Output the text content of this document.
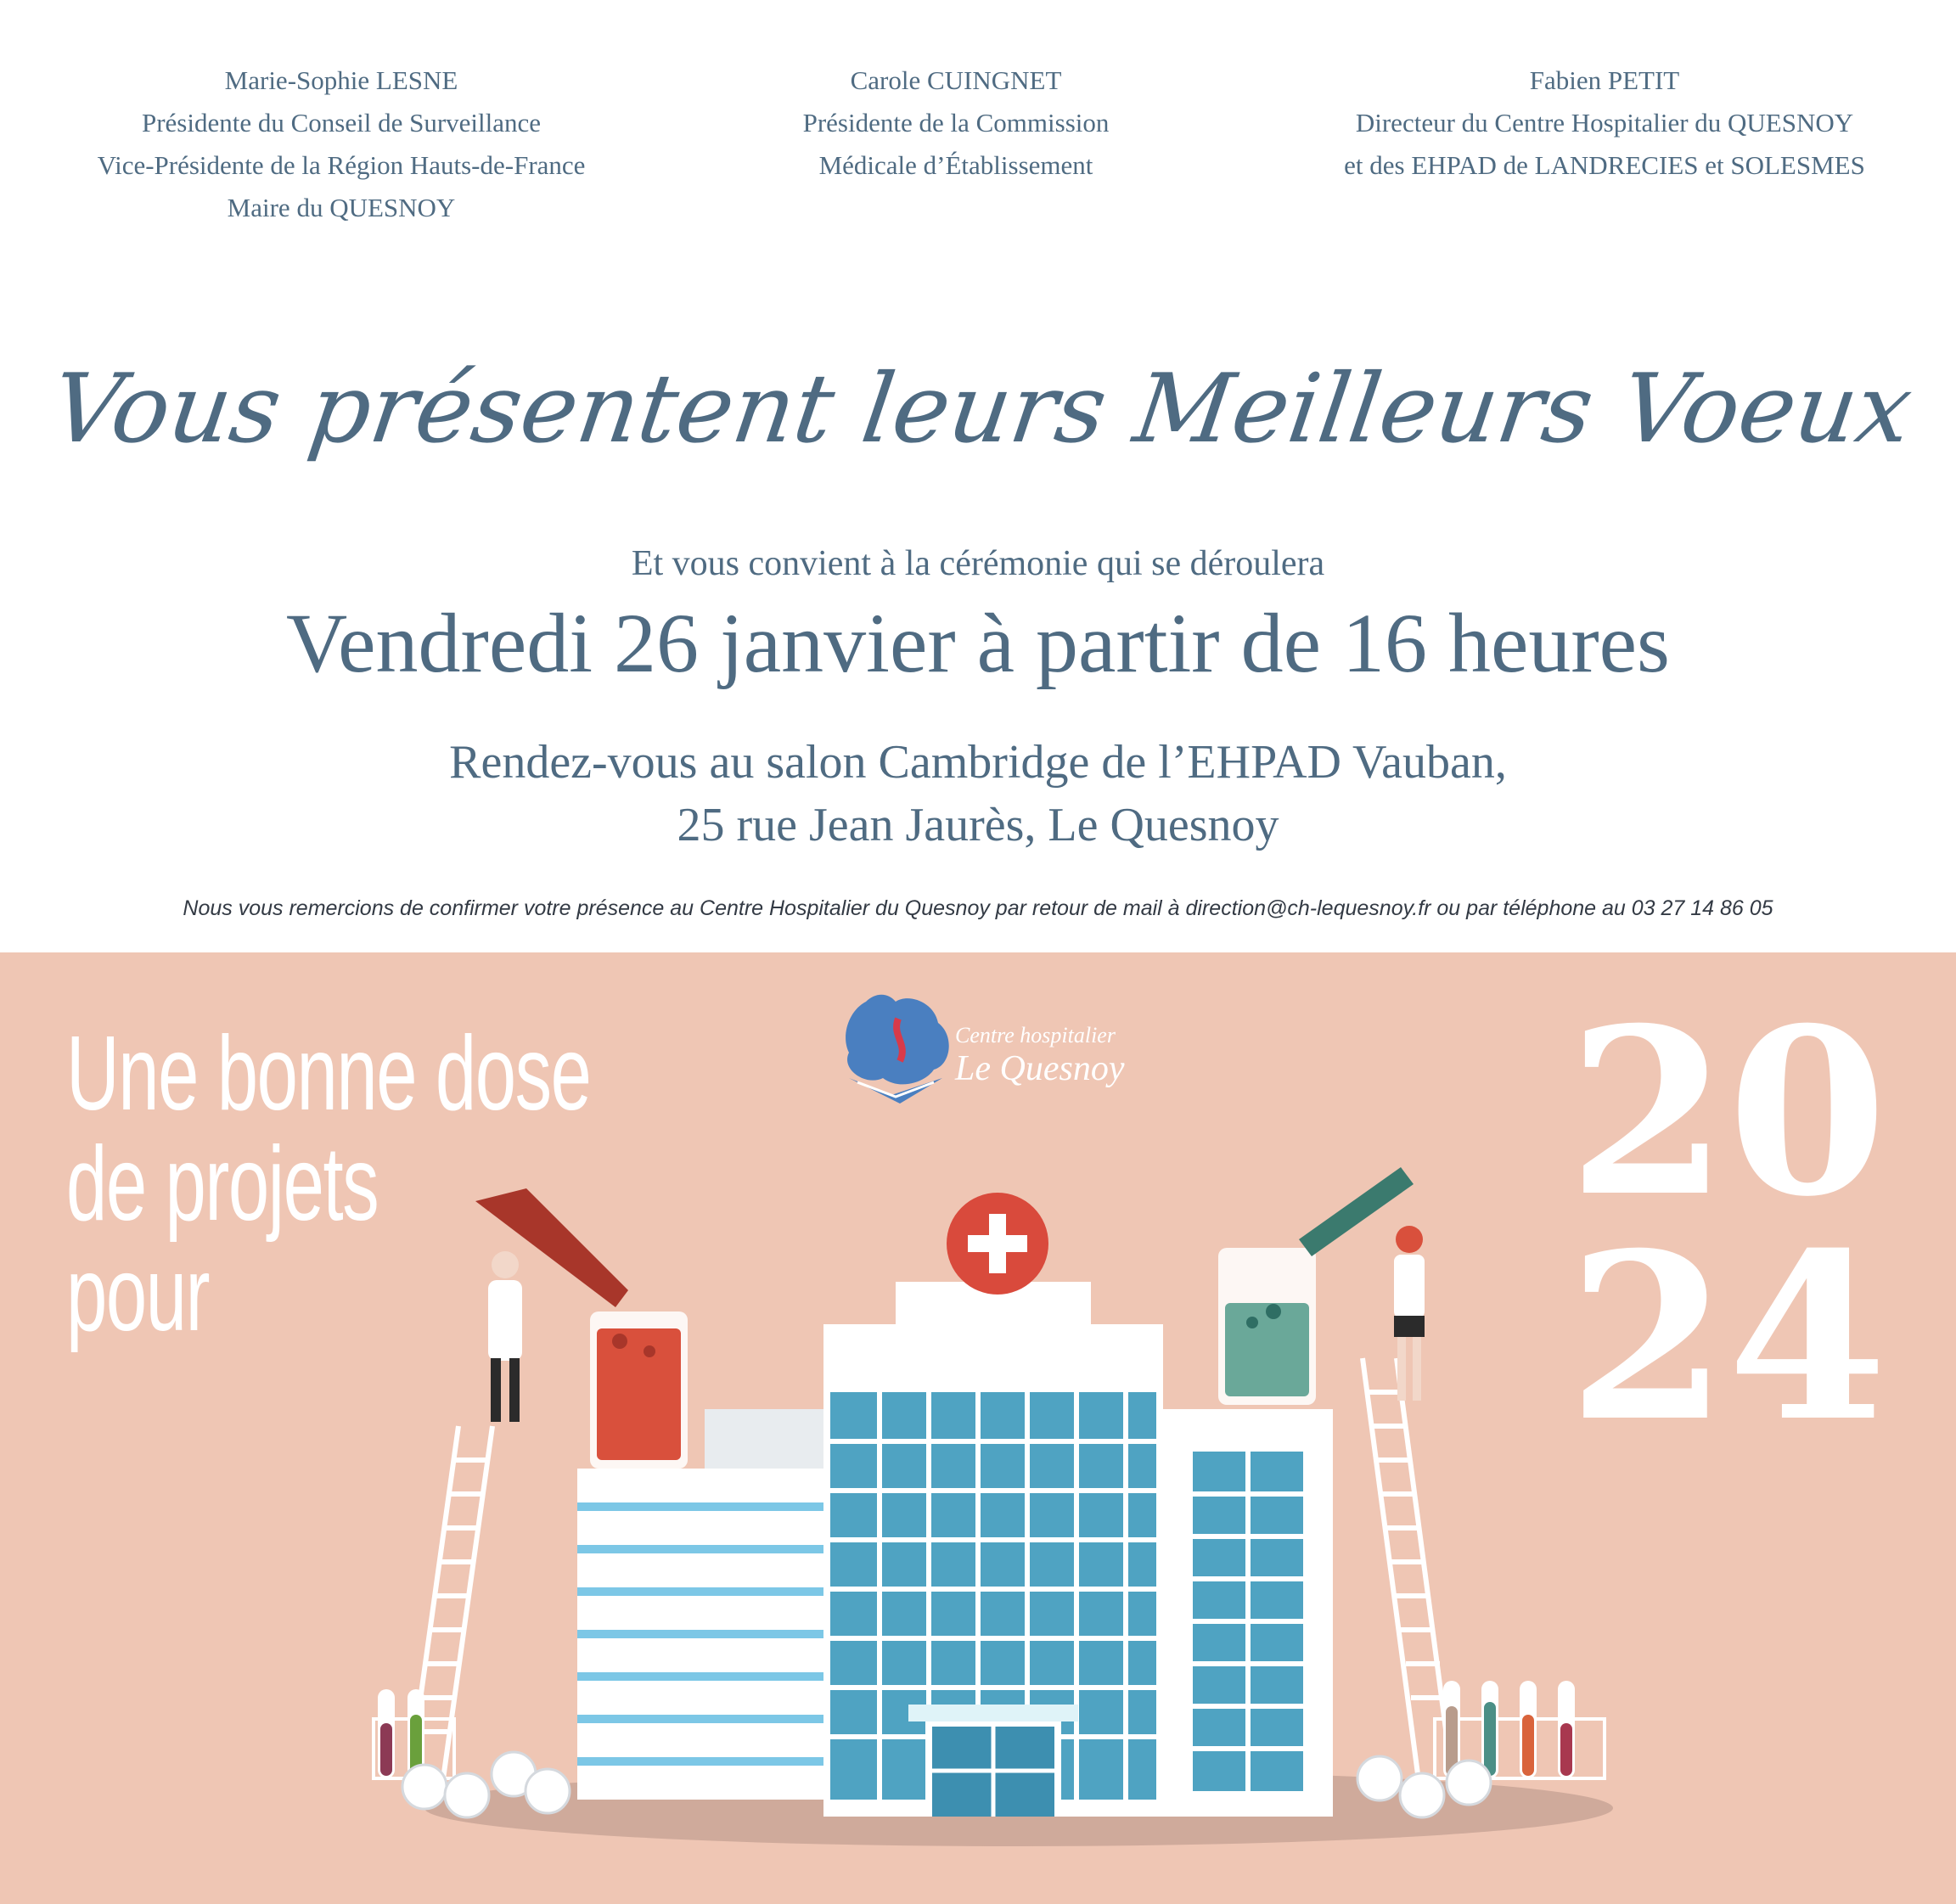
Marie-Sophie LESNE
Présidente du Conseil de Surveillance
Vice-Présidente de la Région Hauts-de-France
Maire du QUESNOY
Carole CUINGNET
Présidente de la Commission
Médicale d’Établissement
Fabien PETIT
Directeur du Centre Hospitalier du QUESNOY
et des EHPAD de LANDRECIES et SOLESMES
Vous présentent leurs Meilleurs Voeux
Et vous convient à la cérémonie qui se déroulera
Vendredi 26 janvier à partir de 16 heures
Rendez-vous au salon Cambridge de l’EHPAD Vauban,
25 rue Jean Jaurès, Le Quesnoy
Nous vous remercions de confirmer votre présence au Centre Hospitalier du Quesnoy par retour de mail à direction@ch-lequesnoy.fr ou par téléphone au 03 27 14 86 05
Une bonne dose
de projets
pour
Centre hospitalier
Le Quesnoy 20
24
